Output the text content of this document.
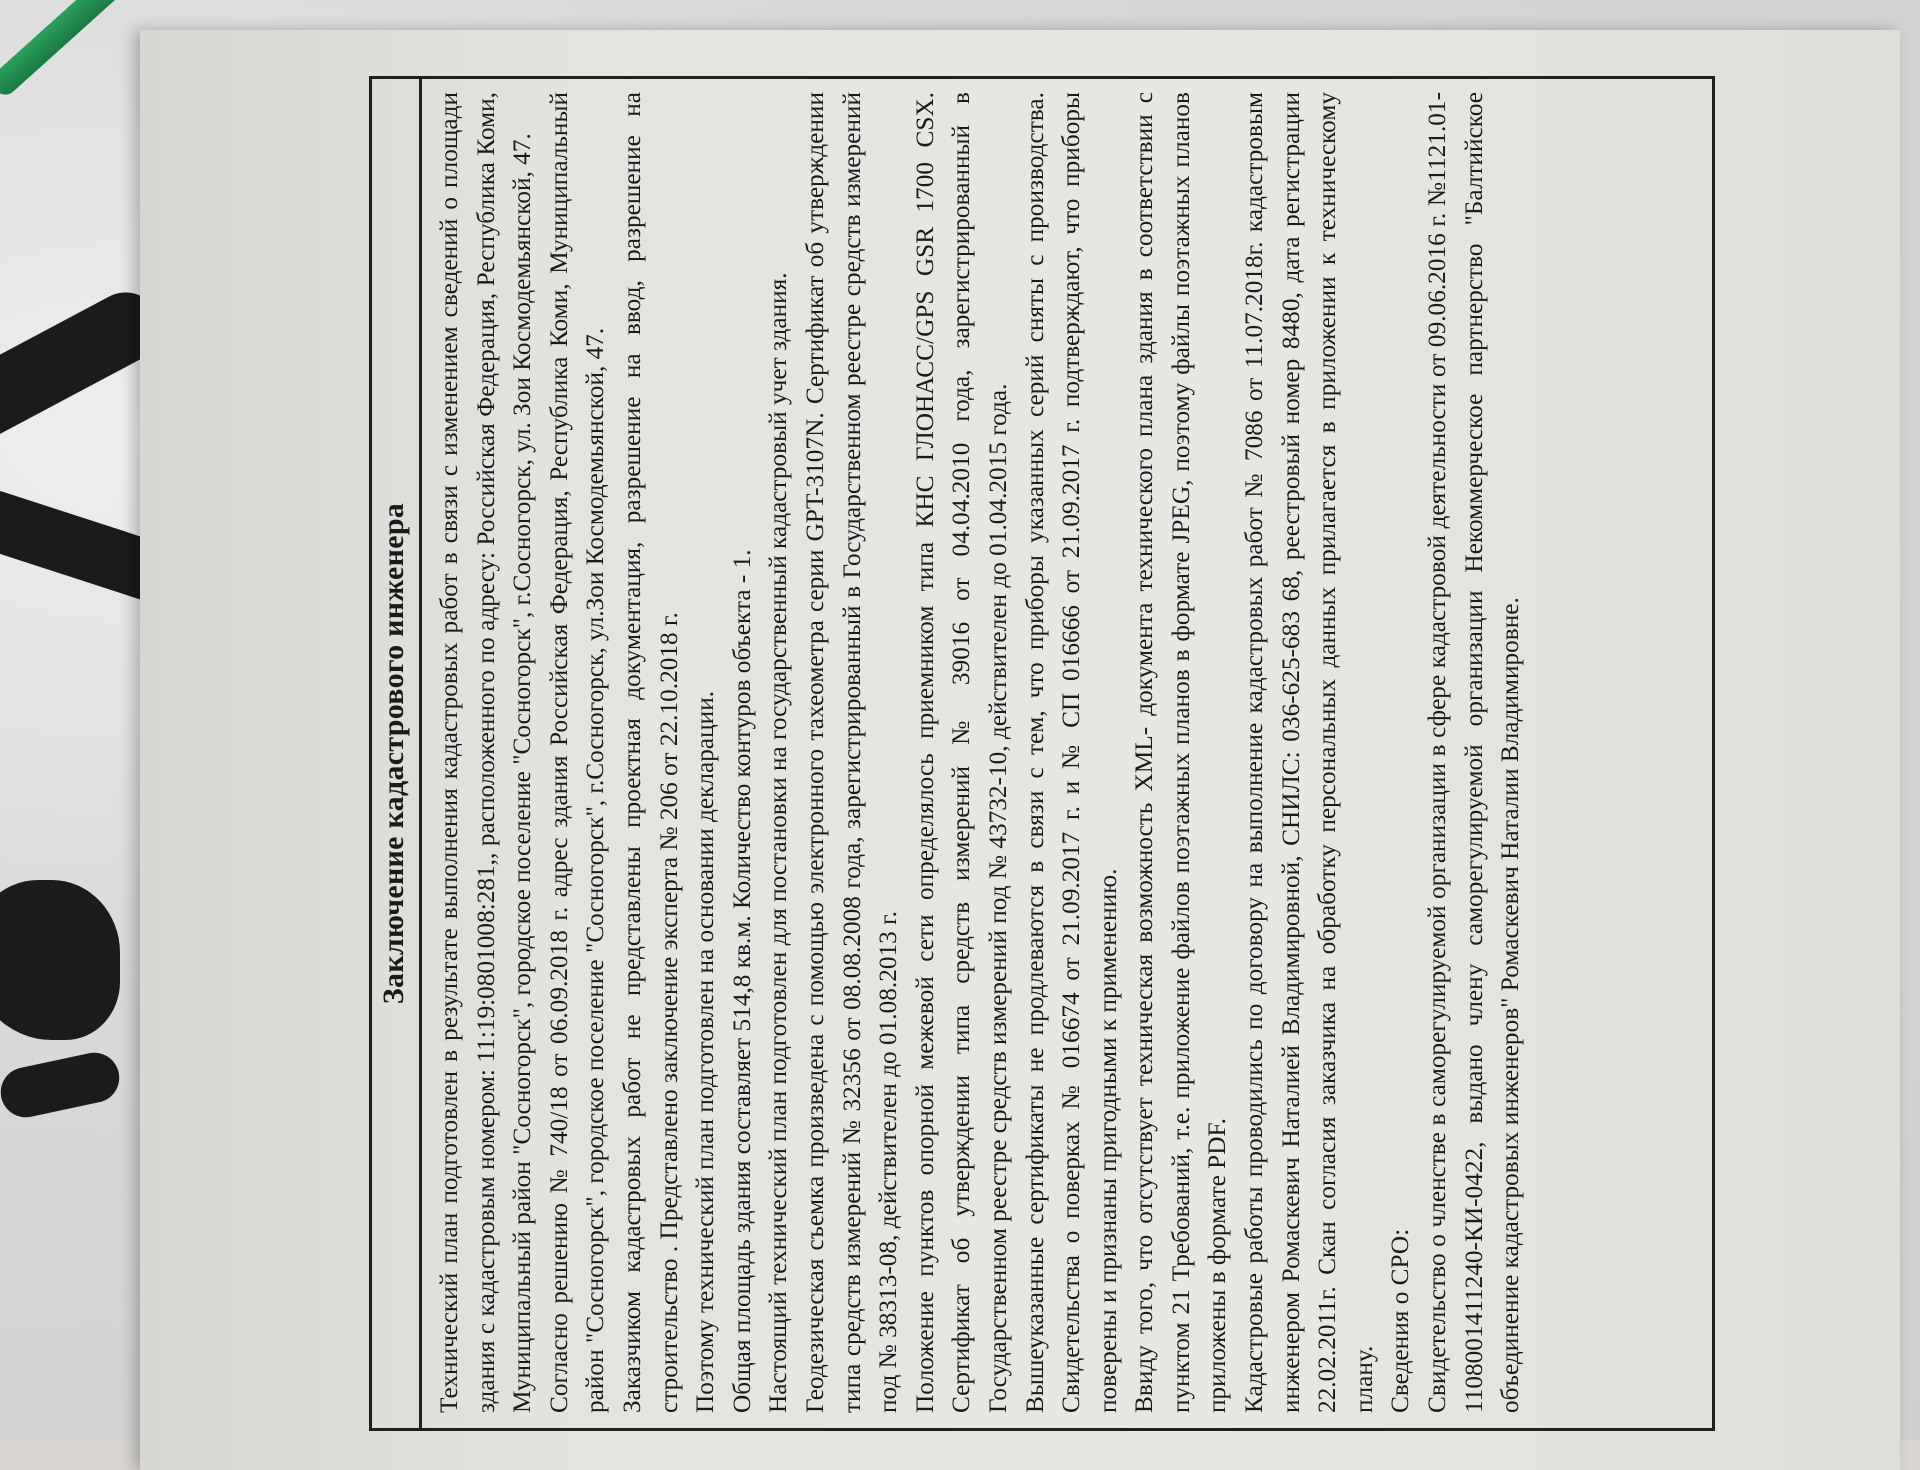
Заключение кадастрового инженера Технический план подготовлен в результате выполнения кадастровых работ в связи с изменением сведений о площади здания с кадастровым номером: 11:19:0801008:281,, расположенного по адресу: Российская Федерация, Республика Коми, Муниципальный район "Сосногорск", городское поселение "Сосногорск", г.Сосногорск, ул. Зои Космодемьянской, 47. Согласно решению № 740/18 от 06.09.2018 г. адрес здания Российская Федерация, Республика Коми, Муниципальный район "Сосногорск", городское поселение "Сосногорск", г.Сосногорск, ул.Зои Космодемьянской, 47. Заказчиком кадастровых работ не представлены проектная документация, разрешение на ввод, разрешение на строительство . Представлено заключение эксперта № 206 от 22.10.2018 г. Поэтому технический план подготовлен на основании декларации. Общая площадь здания составляет 514,8 кв.м. Количество контуров объекта - 1. Настоящий технический план подготовлен для постановки на государственный кадастровый учет здания. Геодезическая съемка произведена с помощью электронного тахеометра серии GPT-3107N. Сертификат об утверждении типа средств измерений № 32356 от 08.08.2008 года, зарегистрированный в Государственном реестре средств измерений под № 38313-08, действителен до 01.08.2013 г. Положение пунктов опорной межевой сети определялось приемником типа КНС ГЛОНАСС/GPS GSR 1700 CSX. Сертификат об утверждении типа средств измерений № 39016 от 04.04.2010 года, зарегистрированный в Государственном реестре средств измерений под № 43732-10, действителен до 01.04.2015 года. Вышеуказанные сертификаты не продлеваются в связи с тем, что приборы указанных серий сняты с производства. Свидетельства о поверках № 016674 от 21.09.2017 г. и № СП 016666 от 21.09.2017 г. подтверждают, что приборы поверены и признаны пригодными к применению. Ввиду того, что отсутствует техническая возможность XML- документа технического плана здания в соответствии с пунктом 21 Требований, т.е. приложение файлов поэтажных планов в формате JPEG, поэтому файлы поэтажных планов приложены в формате PDF. Кадастровые работы проводились по договору на выполнение кадастровых работ № 7086 от 11.07.2018г. кадастровым инженером Ромаскевич Наталией Владимировной, СНИЛС: 036-625-683 68, реестровый номер 8480, дата регистрации 22.02.2011г. Скан согласия заказчика на обработку персональных данных прилагается в приложении к техническому плану. Сведения о СРО: Свидетельство о членстве в саморегулируемой организации в сфере кадастровой деятельности от 09.06.2016 г. №1121.01-1108001411240-КИ-0422, выдано члену саморегулируемой организации Некоммерческое партнерство "Балтийское объединение кадастровых инженеров" Ромаскевич Наталии Владимировне.
